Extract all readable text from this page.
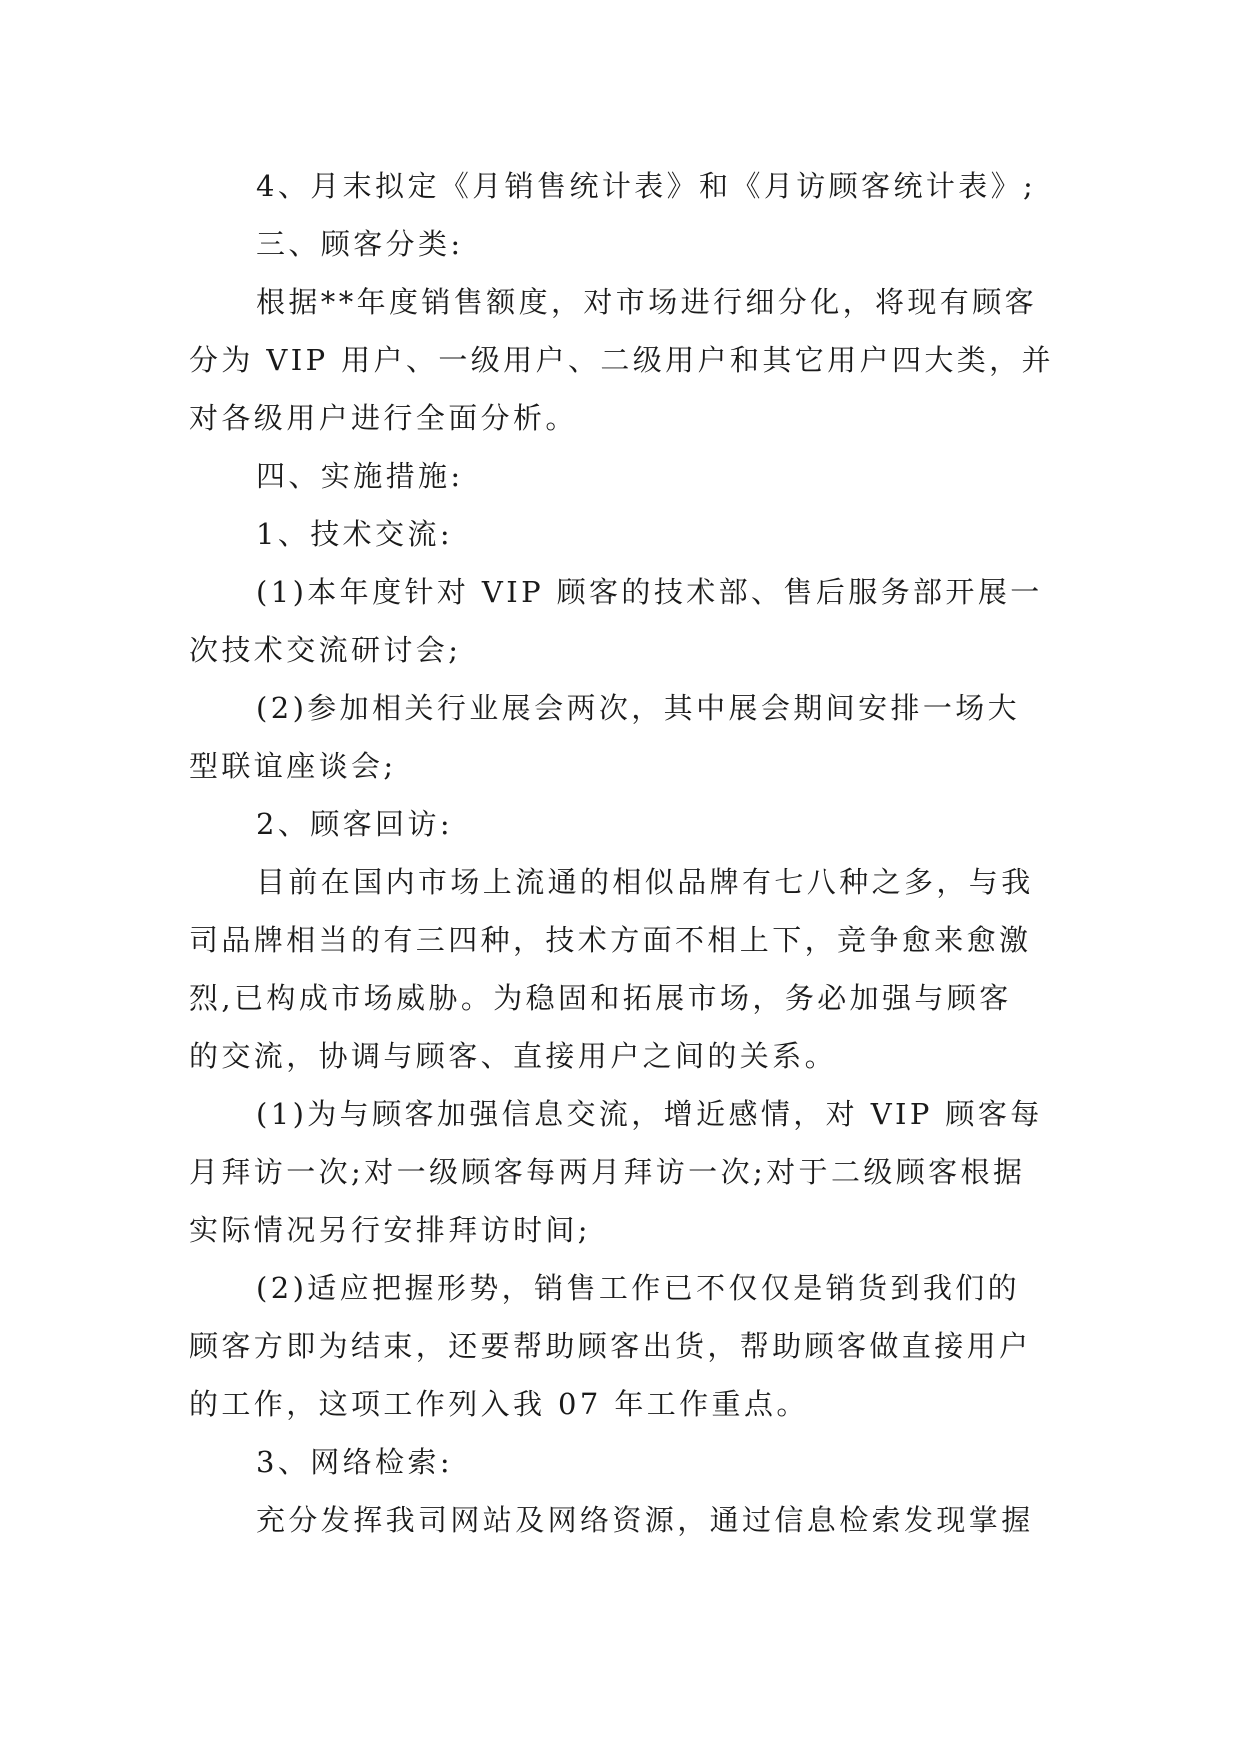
4、月末拟定《月销售统计表》和《月访顾客统计表》;

三、顾客分类:

根据**年度销售额度，对市场进行细分化，将现有顾客

分为 VIP 用户、一级用户、二级用户和其它用户四大类，并

对各级用户进行全面分析。

四、实施措施:

1、技术交流:

(1)本年度针对 VIP 顾客的技术部、售后服务部开展一

次技术交流研讨会;

(2)参加相关行业展会两次，其中展会期间安排一场大

型联谊座谈会;

2、顾客回访:

目前在国内市场上流通的相似品牌有七八种之多，与我

司品牌相当的有三四种，技术方面不相上下，竞争愈来愈激

烈,已构成市场威胁。为稳固和拓展市场，务必加强与顾客

的交流，协调与顾客、直接用户之间的关系。

(1)为与顾客加强信息交流，增近感情，对 VIP 顾客每

月拜访一次;对一级顾客每两月拜访一次;对于二级顾客根据

实际情况另行安排拜访时间;

(2)适应把握形势，销售工作已不仅仅是销货到我们的

顾客方即为结束，还要帮助顾客出货，帮助顾客做直接用户

的工作，这项工作列入我 07 年工作重点。

3、网络检索:

充分发挥我司网站及网络资源，通过信息检索发现掌握
